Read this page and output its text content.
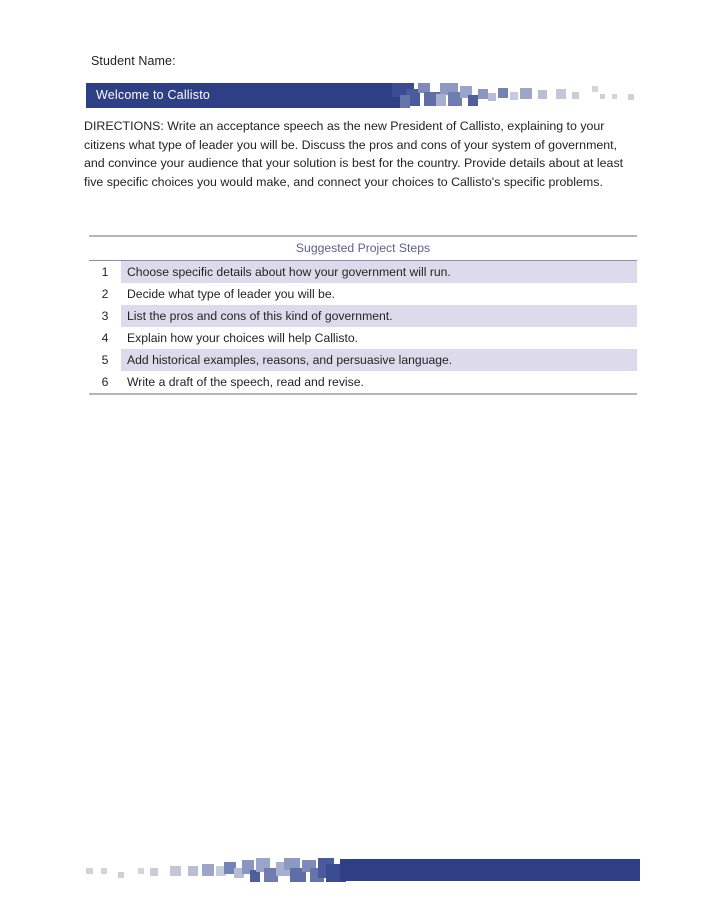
Student Name:
Welcome to Callisto
DIRECTIONS: Write an acceptance speech as the new President of Callisto, explaining to your citizens what type of leader you will be. Discuss the pros and cons of your system of government, and convince your audience that your solution is best for the country. Provide details about at least five specific choices you would make, and connect your choices to Callisto's specific problems.
Suggested Project Steps
1	Choose specific details about how your government will run.
2	Decide what type of leader you will be.
3	List the pros and cons of this kind of government.
4	Explain how your choices will help Callisto.
5	Add historical examples, reasons, and persuasive language.
6	Write a draft of the speech, read and revise.
